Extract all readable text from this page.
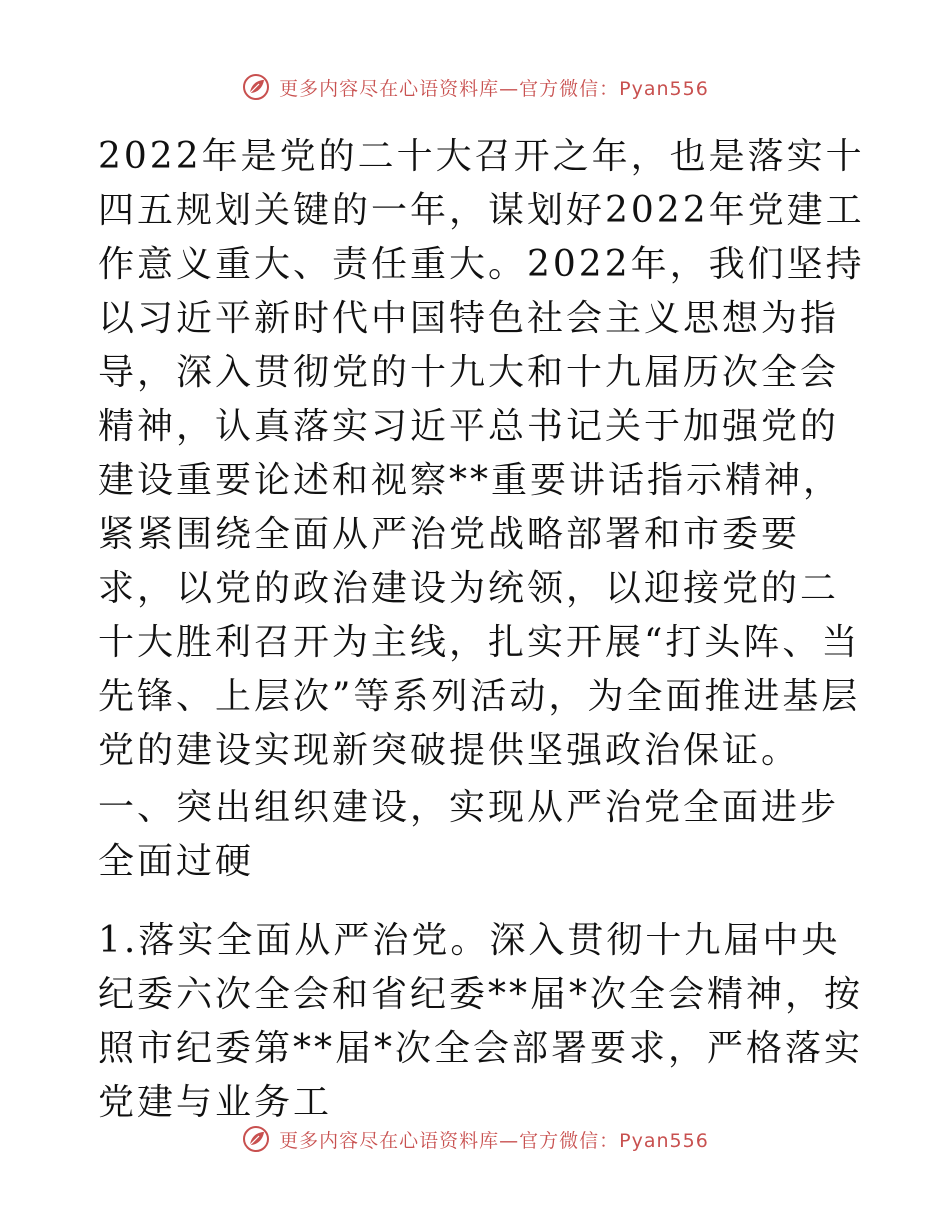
更多内容尽在心语资料库—官方微信：Pyan556

2022年是党的二十大召开之年，也是落实十四五规划关键的一年，谋划好2022年党建工作意义重大、责任重大。2022年，我们坚持以习近平新时代中国特色社会主义思想为指导，深入贯彻党的十九大和十九届历次全会精神，认真落实习近平总书记关于加强党的建设重要论述和视察**重要讲话指示精神，紧紧围绕全面从严治党战略部署和市委要求，以党的政治建设为统领，以迎接党的二十大胜利召开为主线，扎实开展“打头阵、当先锋、上层次”等系列活动，为全面推进基层党的建设实现新突破提供坚强政治保证。

一、突出组织建设，实现从严治党全面进步全面过硬

1.落实全面从严治党。深入贯彻十九届中央纪委六次全会和省纪委**届*次全会精神，按照市纪委第**届*次全会部署要求，严格落实党建与业务工

更多内容尽在心语资料库—官方微信：Pyan556
